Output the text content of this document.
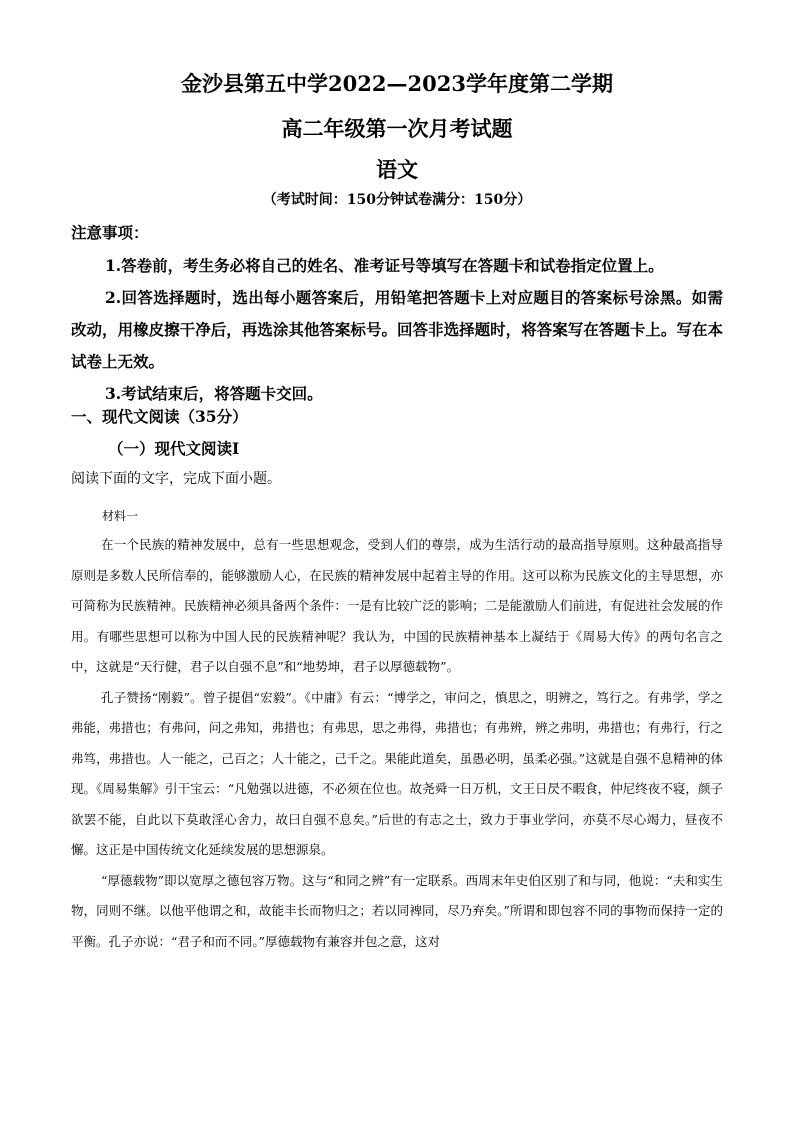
金沙县第五中学2022—2023学年度第二学期
高二年级第一次月考试题
语文
（考试时间：150分钟试卷满分：150分）
注意事项：

1.答卷前，考生务必将自己的姓名、准考证号等填写在答题卡和试卷指定位置上。

2.回答选择题时，选出每小题答案后，用铅笔把答题卡上对应题目的答案标号涂黑。如需改动，用橡皮擦干净后，再选涂其他答案标号。回答非选择题时，将答案写在答题卡上。写在本试卷上无效。

3.考试结束后，将答题卡交回。

一、现代文阅读（35分）
（一）现代文阅读Ⅰ
阅读下面的文字，完成下面小题。
材料一

在一个民族的精神发展中，总有一些思想观念，受到人们的尊崇，成为生活行动的最高指导原则。这种最高指导原则是多数人民所信奉的，能够激励人心，在民族的精神发展中起着主导的作用。这可以称为民族文化的主导思想，亦可简称为民族精神。民族精神必须具备两个条件：一是有比较广泛的影响；二是能激励人们前进，有促进社会发展的作用。有哪些思想可以称为中国人民的民族精神呢？我认为，中国的民族精神基本上凝结于《周易大传》的两句名言之中，这就是“天行健，君子以自强不息”和“地势坤，君子以厚德载物”。

孔子赞扬“刚毅”。曾子提倡“宏毅”。《中庸》有云：“博学之，审问之，慎思之，明辨之，笃行之。有弗学，学之弗能，弗措也；有弗问，问之弗知，弗措也；有弗思，思之弗得，弗措也；有弗辨，辨之弗明，弗措也；有弗行，行之弗笃，弗措也。人一能之，己百之；人十能之，己千之。果能此道矣，虽愚必明，虽柔必强。”这就是自强不息精神的体现。《周易集解》引干宝云：“凡勉强以进德，不必须在位也。故尧舜一日万机，文王日昃不暇食，仲尼终夜不寝，颜子欲罢不能，自此以下莫敢淫心舍力，故曰自强不息矣。”后世的有志之士，致力于事业学问，亦莫不尽心竭力，昼夜不懈。这正是中国传统文化延续发展的思想源泉。

“厚德载物”即以宽厚之德包容万物。这与“和同之辨”有一定联系。西周末年史伯区别了和与同，他说：“夫和实生物，同则不继。以他平他谓之和，故能丰长而物归之；若以同裨同，尽乃弃矣。”所谓和即包容不同的事物而保持一定的平衡。孔子亦说：“君子和而不同。”厚德载物有兼容并包之意，这对
